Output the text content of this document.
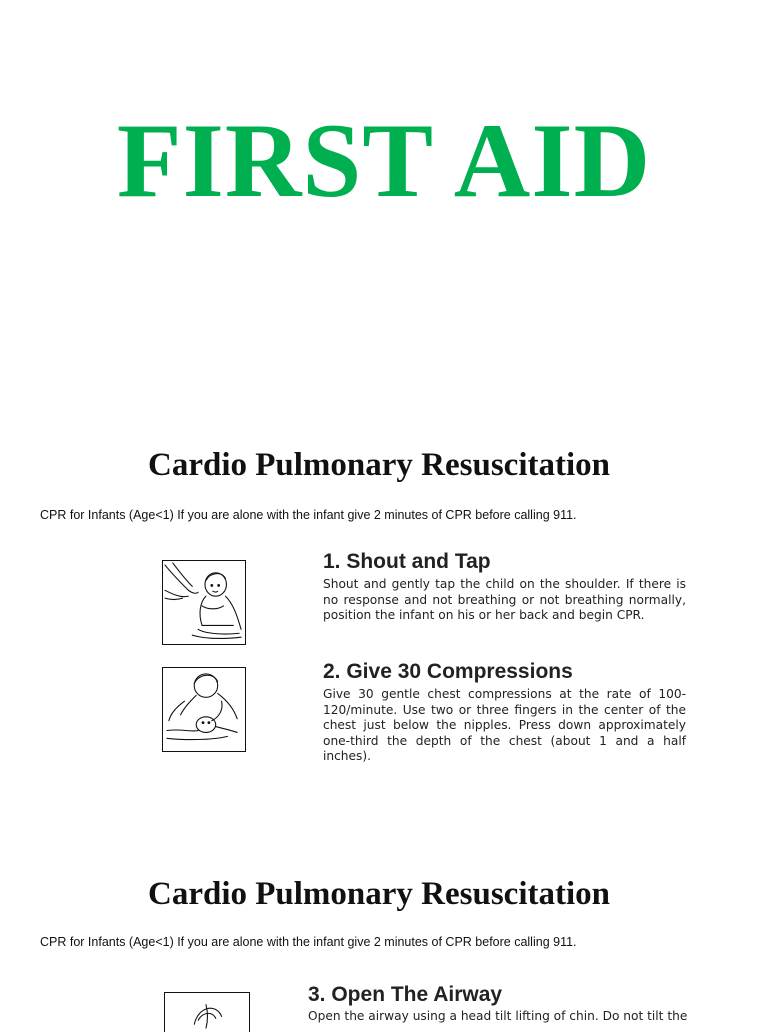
FIRST AID
Cardio Pulmonary Resuscitation

CPR for Infants (Age<1) If you are alone with the infant give 2 minutes of CPR before calling 911.

1. Shout and Tap

Shout and gently tap the child on the shoulder. If there is no response and not breathing or not breathing normally, position the infant on his or her back and begin CPR.

2. Give 30 Compressions

Give 30 gentle chest compressions at the rate of 100-120/minute. Use two or three fingers in the center of the chest just below the nipples. Press down approximately one-third the depth of the chest (about 1 and a half inches).

Cardio Pulmonary Resuscitation

CPR for Infants (Age<1) If you are alone with the infant give 2 minutes of CPR before calling 911.

3. Open The Airway

Open the airway using a head tilt lifting of chin. Do not tilt the
